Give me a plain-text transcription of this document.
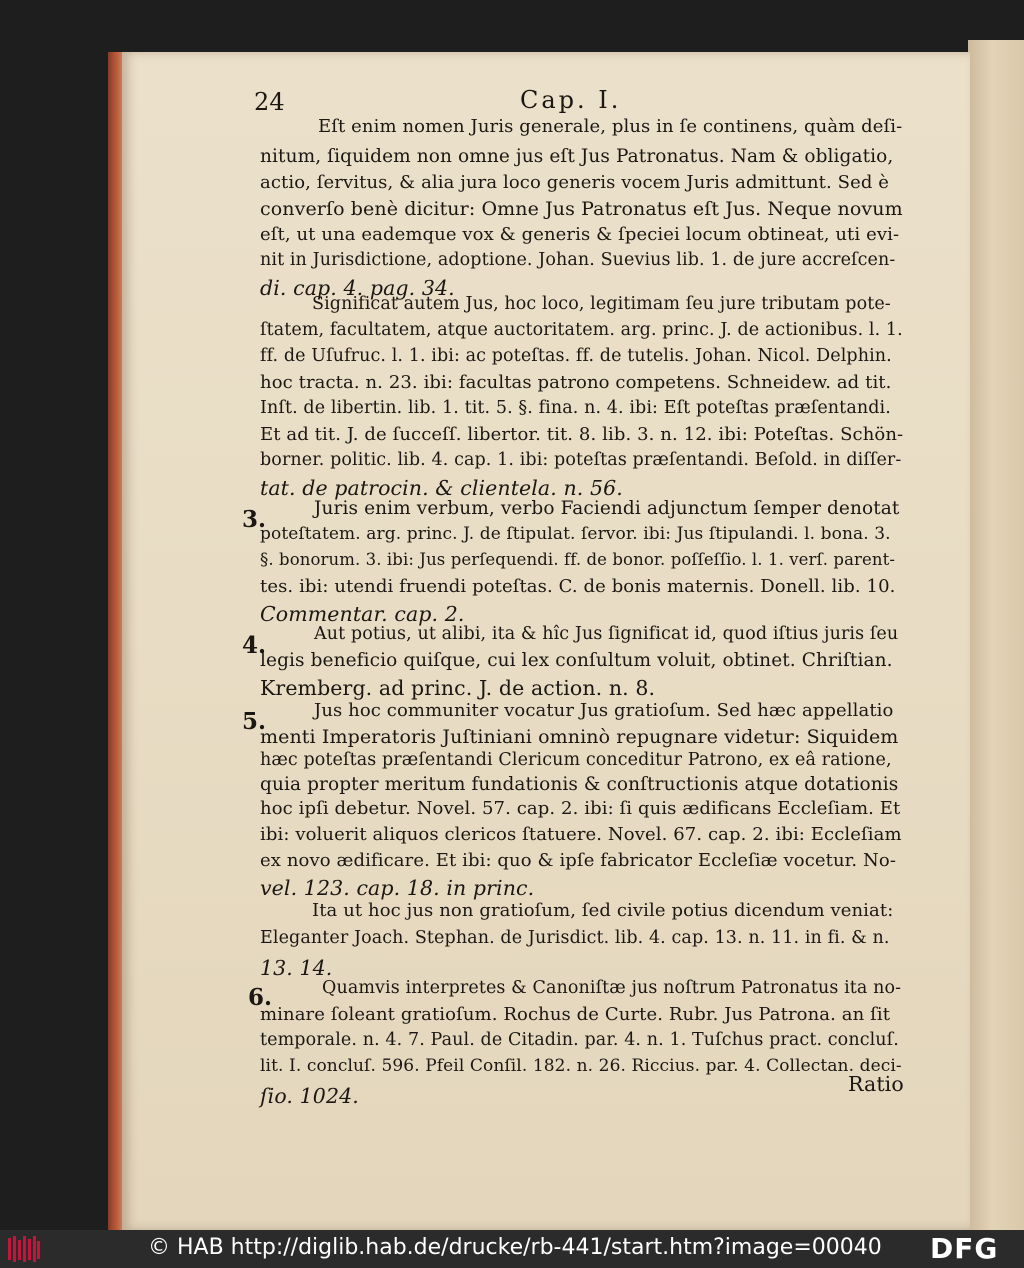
24	Cap. I.
Eſt enim nomen Juris generale, plus in ſe continens, quàm deſi-
nitum, ſiquidem non omne jus eſt Jus Patronatus. Nam & obligatio,
actio, ſervitus, & alia jura loco generis vocem Juris admittunt. Sed è
converſo benè dicitur: Omne Jus Patronatus eſt Jus. Neque novum
eſt, ut una eademque vox & generis & ſpeciei locum obtineat, uti evi-
nit in Jurisdictione, adoptione. Johan. Suevius lib. 1. de jure accreſcen-
di. cap. 4. pag. 34.
Significat autem Jus, hoc loco, legitimam ſeu jure tributam pote-
ſtatem, facultatem, atque auctoritatem. arg. princ. J. de actionibus. l. 1.
ff. de Uſufruc. l. 1. ibi: ac poteſtas. ff. de tutelis. Johan. Nicol. Delphin.
hoc tracta. n. 23. ibi: facultas patrono competens. Schneidew. ad tit.
Inſt. de libertin. lib. 1. tit. 5. §. fina. n. 4. ibi: Eſt poteſtas præſentandi.
Et ad tit. J. de ſucceſſ. libertor. tit. 8. lib. 3. n. 12. ibi: Poteſtas. Schön-
borner. politic. lib. 4. cap. 1. ibi: poteſtas præſentandi. Beſold. in diſſer-
tat. de patrocin. & clientela. n. 56.
Juris enim verbum, verbo Faciendi adjunctum ſemper denotat
poteſtatem. arg. princ. J. de ſtipulat. ſervor. ibi: Jus ſtipulandi. l. bona. 3.
§. bonorum. 3. ibi: Jus perſequendi. ff. de bonor. poſſeſſio. l. 1. verſ. parent-
tes. ibi: utendi fruendi poteſtas. C. de bonis maternis. Donell. lib. 10.
Commentar. cap. 2.
Aut potius, ut alibi, ita & hîc Jus ſignificat id, quod iſtius juris ſeu
legis beneficio quiſque, cui lex conſultum voluit, obtinet. Chriſtian.
Kremberg. ad princ. J. de action. n. 8.
Jus hoc communiter vocatur Jus gratioſum. Sed hæc appellatio
menti Imperatoris Juſtiniani omninò repugnare videtur: Siquidem
hæc poteſtas præſentandi Clericum conceditur Patrono, ex eâ ratione,
quia propter meritum fundationis & conſtructionis atque dotationis
hoc ipſi debetur. Novel. 57. cap. 2. ibi: ſi quis ædificans Eccleſiam. Et
ibi: voluerit aliquos clericos ſtatuere. Novel. 67. cap. 2. ibi: Eccleſiam
ex novo ædificare. Et ibi: quo & ipſe fabricator Eccleſiæ vocetur. No-
vel. 123. cap. 18. in princ.
Ita ut hoc jus non gratioſum, ſed civile potius dicendum veniat:
Eleganter Joach. Stephan. de Jurisdict. lib. 4. cap. 13. n. 11. in fi. & n.
13. 14.
Quamvis interpretes & Canoniſtæ jus noſtrum Patronatus ita no-
minare ſoleant gratioſum. Rochus de Curte. Rubr. Jus Patrona. an ſit
temporale. n. 4. 7. Paul. de Citadin. par. 4. n. 1. Tuſchus pract. concluſ.
lit. I. concluſ. 596. Pfeil Conſil. 182. n. 26. Riccius. par. 4. Collectan. deci-
ſio. 1024.
3.
4.
5.
6.
Ratio
© HAB http://diglib.hab.de/drucke/rb-441/start.htm?image=00040 DFG
